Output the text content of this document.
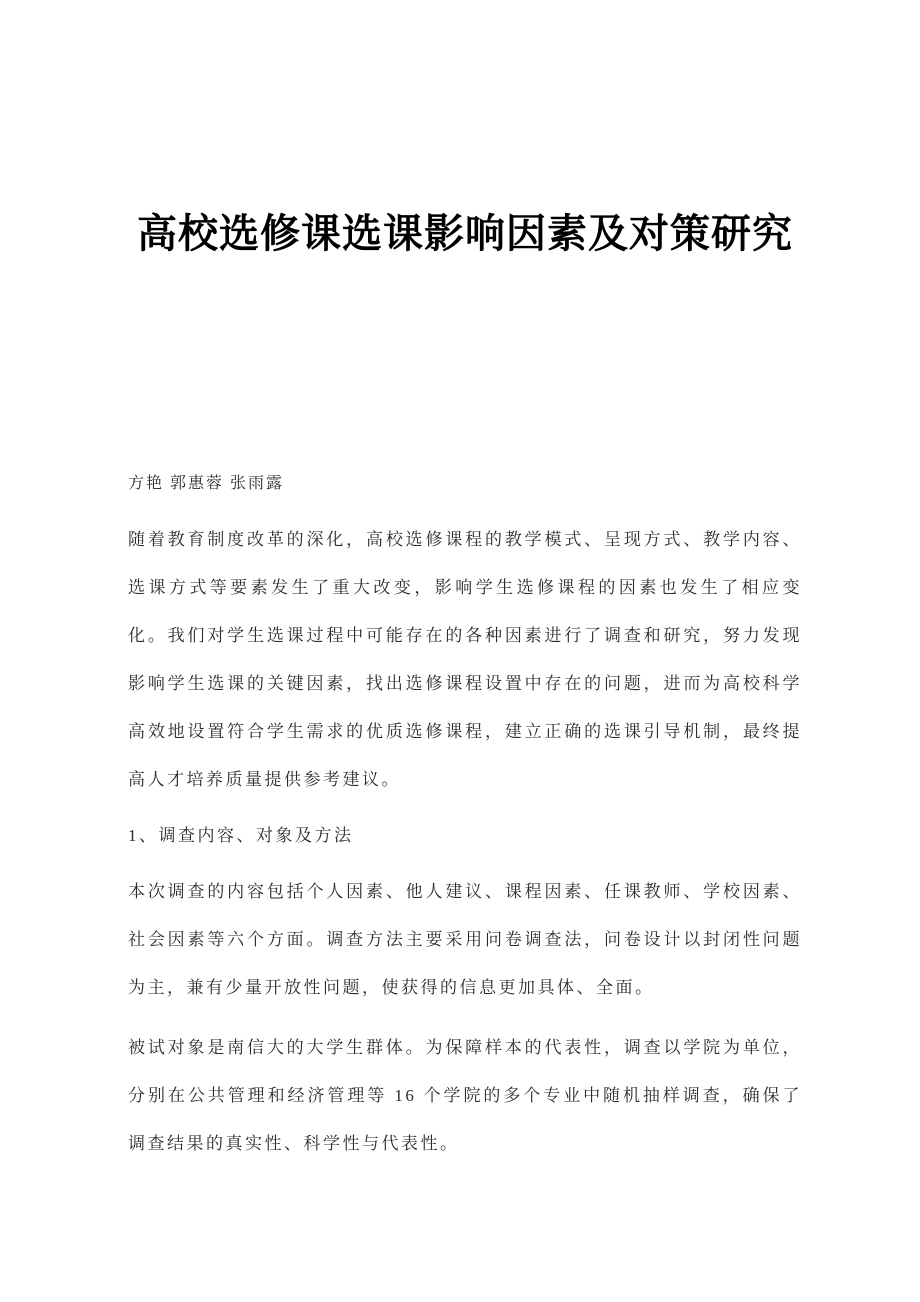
高校选修课选课影响因素及对策研究

方艳 郭惠蓉 张雨露

随着教育制度改革的深化，高校选修课程的教学模式、呈现方式、教学内容、选课方式等要素发生了重大改变，影响学生选修课程的因素也发生了相应变化。我们对学生选课过程中可能存在的各种因素进行了调查和研究，努力发现影响学生选课的关键因素，找出选修课程设置中存在的问题，进而为高校科学高效地设置符合学生需求的优质选修课程，建立正确的选课引导机制，最终提高人才培养质量提供参考建议。

1、调查内容、对象及方法

本次调查的内容包括个人因素、他人建议、课程因素、任课教师、学校因素、社会因素等六个方面。调查方法主要采用问卷调查法，问卷设计以封闭性问题为主，兼有少量开放性问题，使获得的信息更加具体、全面。

被试对象是南信大的大学生群体。为保障样本的代表性，调查以学院为单位，分别在公共管理和经济管理等 16 个学院的多个专业中随机抽样调查，确保了调查结果的真实性、科学性与代表性。
